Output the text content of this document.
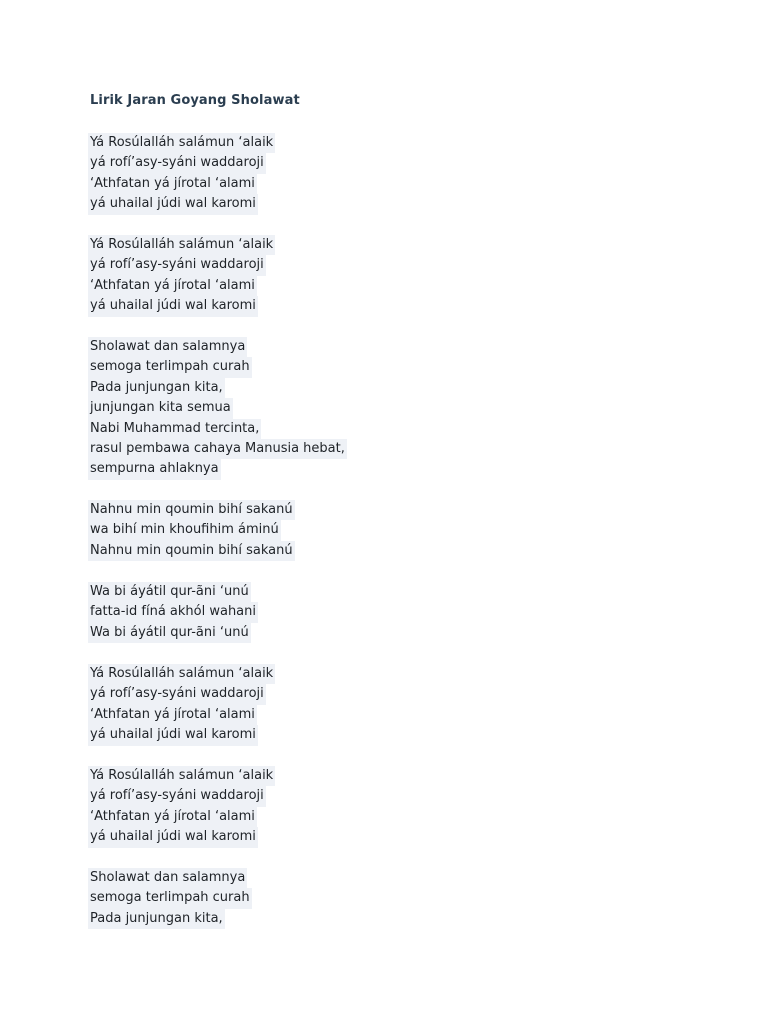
Lirik Jaran Goyang Sholawat
Yá Rosúlalláh salámun ‘alaik
yá rofí’asy-syáni waddaroji
‘Athfatan yá jírotal ‘alami
yá uhailal júdi wal karomi
Yá Rosúlalláh salámun ‘alaik
yá rofí’asy-syáni waddaroji
‘Athfatan yá jírotal ‘alami
yá uhailal júdi wal karomi
Sholawat dan salamnya
semoga terlimpah curah
Pada junjungan kita,
junjungan kita semua
Nabi Muhammad tercinta,
rasul pembawa cahaya Manusia hebat,
sempurna ahlaknya
Nahnu min qoumin bihí sakanú
wa bihí min khoufihim áminú
Nahnu min qoumin bihí sakanú
Wa bi áyátil qur-ãni ‘unú
fatta-id fíná akhól wahani
Wa bi áyátil qur-ãni ‘unú
Yá Rosúlalláh salámun ‘alaik
yá rofí’asy-syáni waddaroji
‘Athfatan yá jírotal ‘alami
yá uhailal júdi wal karomi
Yá Rosúlalláh salámun ‘alaik
yá rofí’asy-syáni waddaroji
‘Athfatan yá jírotal ‘alami
yá uhailal júdi wal karomi
Sholawat dan salamnya
semoga terlimpah curah
Pada junjungan kita,
